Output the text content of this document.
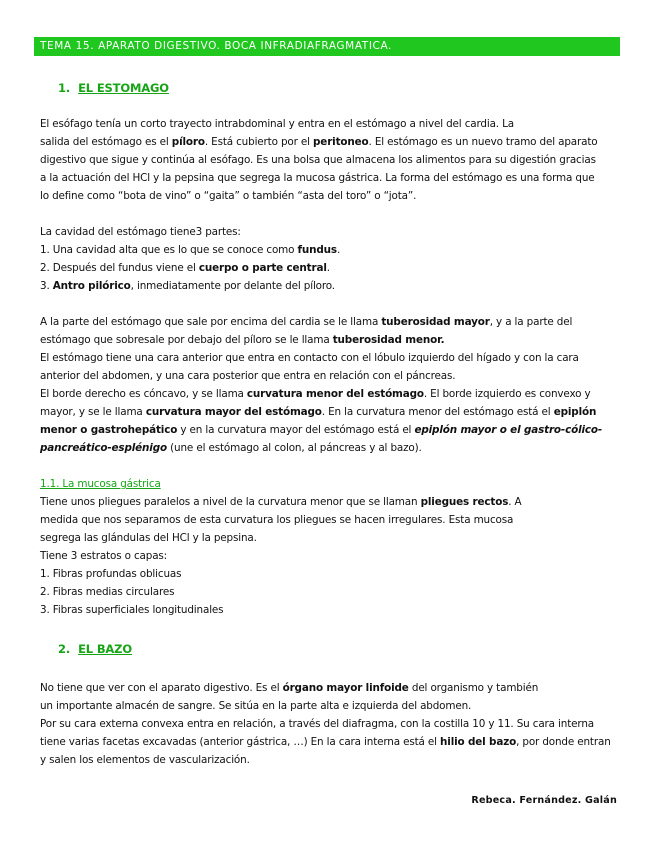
TEMA 15. APARATO DIGESTIVO. BOCA INFRADIAFRAGMATICA.
1. EL ESTOMAGO

El esófago tenía un corto trayecto intrabdominal y entra en el estómago a nivel del cardia. La

salida del estómago es el píloro. Está cubierto por el peritoneo. El estómago es un nuevo tramo del aparato

digestivo que sigue y continúa al esófago. Es una bolsa que almacena los alimentos para su digestión gracias

a la actuación del HCl y la pepsina que segrega la mucosa gástrica. La forma del estómago es una forma que

lo define como “bota de vino” o “gaita” o también “asta del toro” o “jota”.

La cavidad del estómago tiene3 partes:

1. Una cavidad alta que es lo que se conoce como fundus.

2. Después del fundus viene el cuerpo o parte central.

3. Antro pilórico, inmediatamente por delante del píloro.

A la parte del estómago que sale por encima del cardia se le llama tuberosidad mayor, y a la parte del

estómago que sobresale por debajo del píloro se le llama tuberosidad menor.

El estómago tiene una cara anterior que entra en contacto con el lóbulo izquierdo del hígado y con la cara

anterior del abdomen, y una cara posterior que entra en relación con el páncreas.

El borde derecho es cóncavo, y se llama curvatura menor del estómago. El borde izquierdo es convexo y

mayor, y se le llama curvatura mayor del estómago. En la curvatura menor del estómago está el epiplón

menor o gastrohepático y en la curvatura mayor del estómago está el epiplón mayor o el gastro-cólico-

pancreático-esplénigo (une el estómago al colon, al páncreas y al bazo).

1.1. La mucosa gástrica

Tiene unos pliegues paralelos a nivel de la curvatura menor que se llaman pliegues rectos. A

medida que nos separamos de esta curvatura los pliegues se hacen irregulares. Esta mucosa

segrega las glándulas del HCl y la pepsina.

Tiene 3 estratos o capas:

1. Fibras profundas oblicuas

2. Fibras medias circulares

3. Fibras superficiales longitudinales

2. EL BAZO

No tiene que ver con el aparato digestivo. Es el órgano mayor linfoide del organismo y también

un importante almacén de sangre. Se sitúa en la parte alta e izquierda del abdomen.

Por su cara externa convexa entra en relación, a través del diafragma, con la costilla 10 y 11. Su cara interna

tiene varias facetas excavadas (anterior gástrica, …) En la cara interna está el hilio del bazo, por donde entran

y salen los elementos de vascularización.

Rebeca. Fernández. Galán
